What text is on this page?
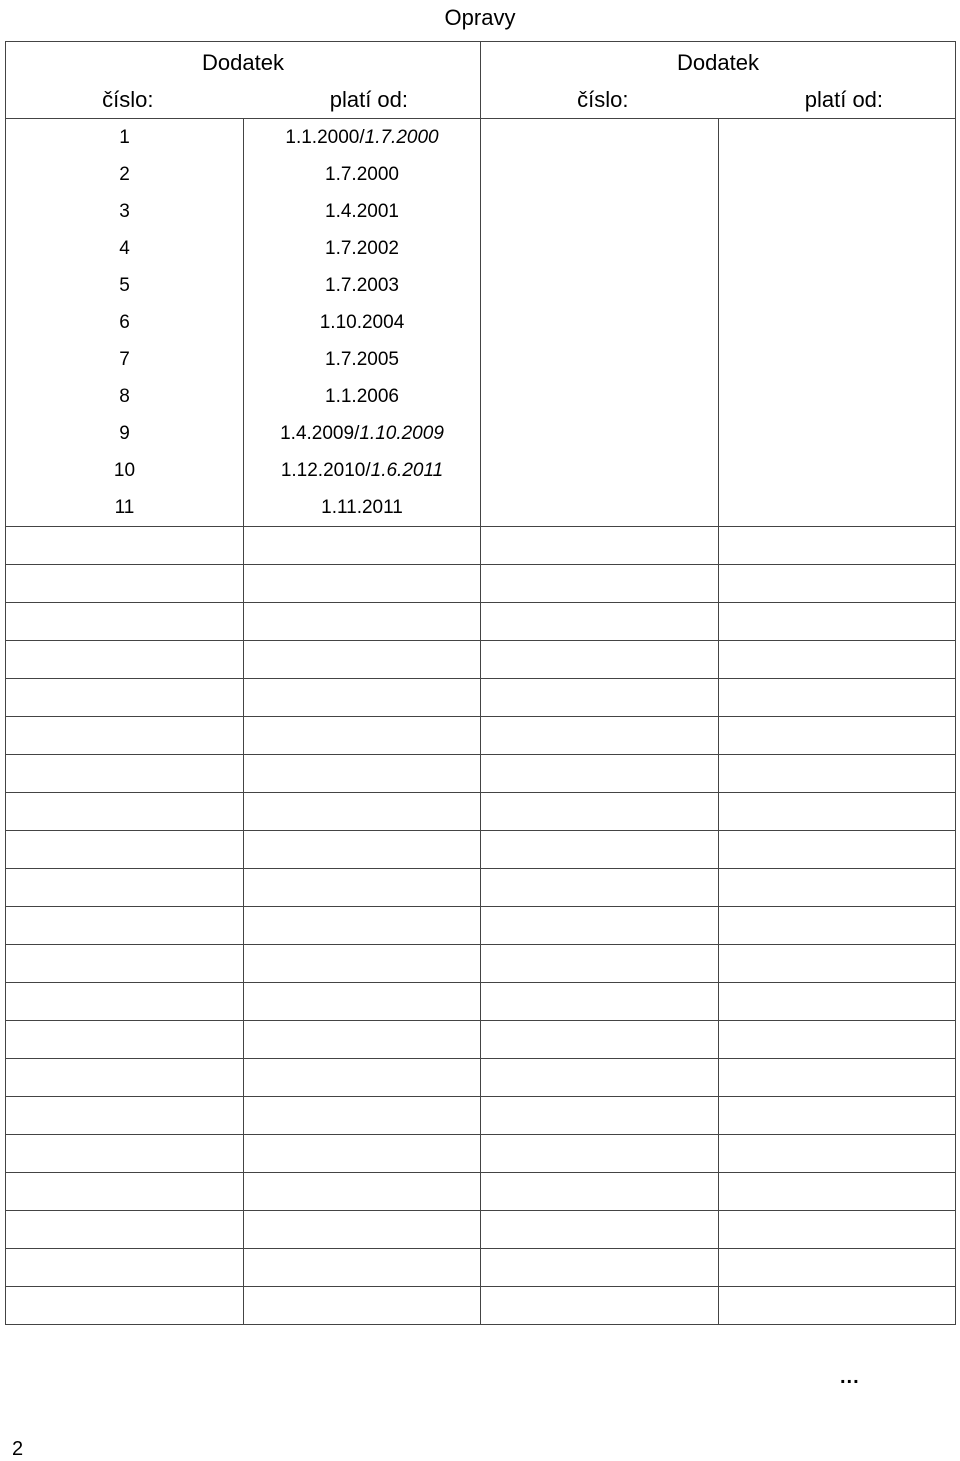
Opravy
Dodatek		Dodatek	
číslo:	platí od:	číslo:	platí od:
1	1.1.2000/1.7.2000		
2	1.7.2000		
3	1.4.2001		
4	1.7.2002		
5	1.7.2003		
6	1.10.2004		
7	1.7.2005		
8	1.1.2006		
9	1.4.2009/1.10.2009		
10	1.12.2010/1.6.2011		
11	1.11.2011		

...
2
